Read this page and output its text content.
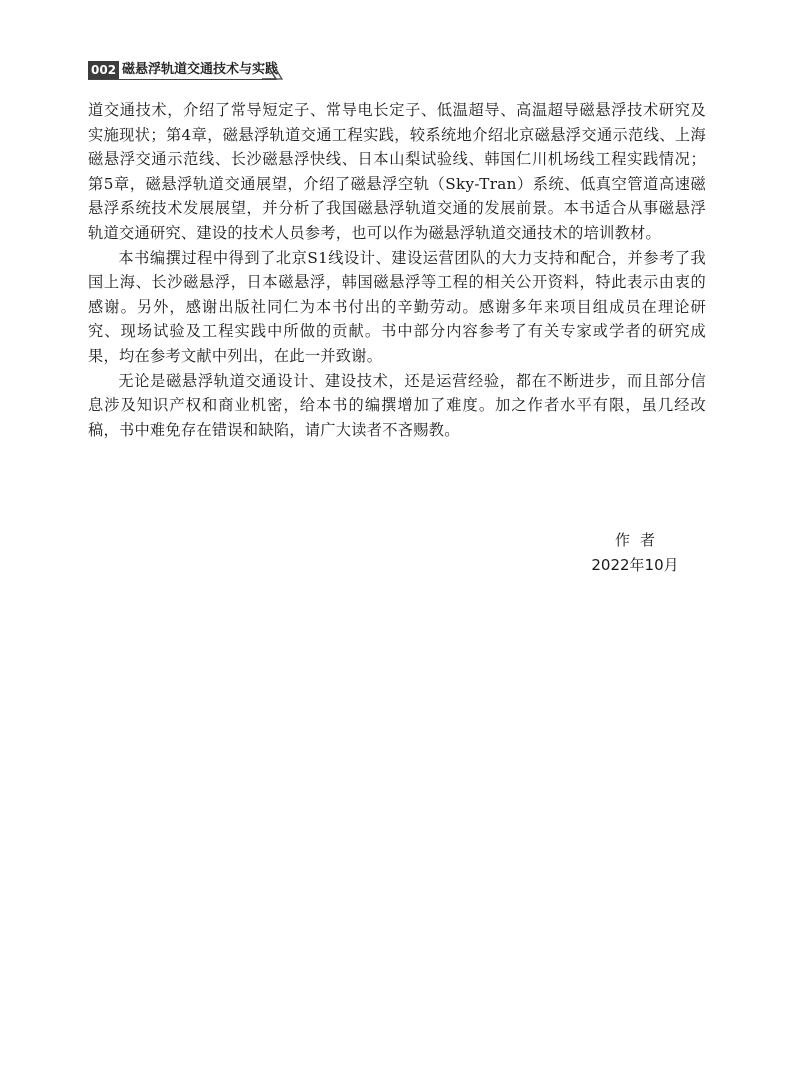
002 磁悬浮轨道交通技术与实践

道交通技术，介绍了常导短定子、常导电长定子、低温超导、高温超导磁悬浮技术研究及实施现状；第4章，磁悬浮轨道交通工程实践，较系统地介绍北京磁悬浮交通示范线、上海磁悬浮交通示范线、长沙磁悬浮快线、日本山梨试验线、韩国仁川机场线工程实践情况；第5章，磁悬浮轨道交通展望，介绍了磁悬浮空轨（Sky-Tran）系统、低真空管道高速磁悬浮系统技术发展展望，并分析了我国磁悬浮轨道交通的发展前景。本书适合从事磁悬浮轨道交通研究、建设的技术人员参考，也可以作为磁悬浮轨道交通技术的培训教材。

本书编撰过程中得到了北京S1线设计、建设运营团队的大力支持和配合，并参考了我国上海、长沙磁悬浮，日本磁悬浮，韩国磁悬浮等工程的相关公开资料，特此表示由衷的感谢。另外，感谢出版社同仁为本书付出的辛勤劳动。感谢多年来项目组成员在理论研究、现场试验及工程实践中所做的贡献。书中部分内容参考了有关专家或学者的研究成果，均在参考文献中列出，在此一并致谢。

无论是磁悬浮轨道交通设计、建设技术，还是运营经验，都在不断进步，而且部分信息涉及知识产权和商业机密，给本书的编撰增加了难度。加之作者水平有限，虽几经改稿，书中难免存在错误和缺陷，请广大读者不吝赐教。

作者
2022年10月
